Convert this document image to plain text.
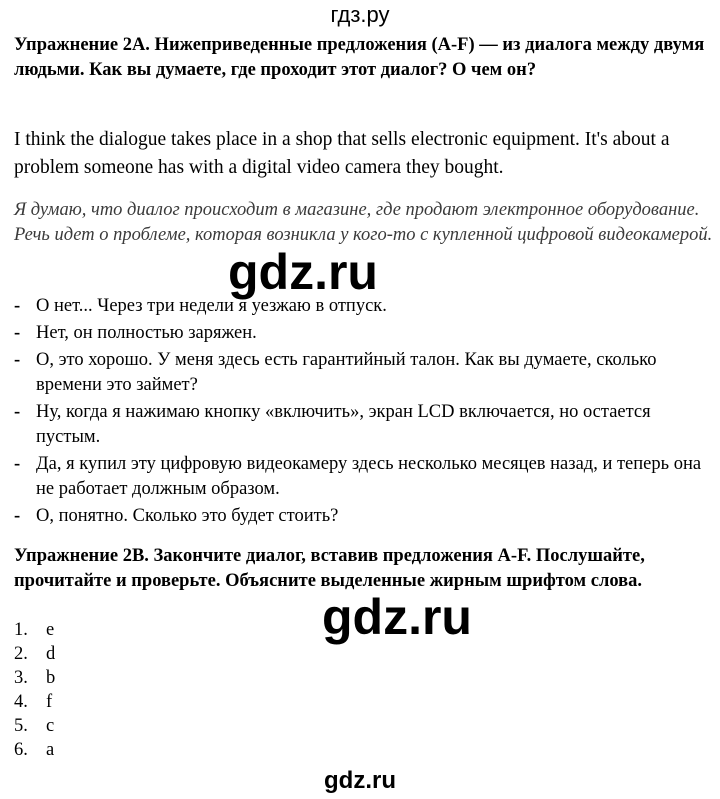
гдз.ру

Упражнение 2А. Нижеприведенные предложения (A-F) — из диалога между двумя людьми. Как вы думаете, где проходит этот диалог? О чем он?

I think the dialogue takes place in a shop that sells electronic equipment. It's about a problem someone has with a digital video camera they bought.

Я думаю, что диалог происходит в магазине, где продают электронное оборудование. Речь идет о проблеме, которая возникла у кого-то с купленной цифровой видеокамерой.

gdz.ru
- О нет... Через три недели я уезжаю в отпуск.
- Нет, он полностью заряжен.
- О, это хорошо. У меня здесь есть гарантийный талон. Как вы думаете, сколько времени это займет?
- Ну, когда я нажимаю кнопку «включить», экран LCD включается, но остается пустым.
- Да, я купил эту цифровую видеокамеру здесь несколько месяцев назад, и теперь она не работает должным образом.
- О, понятно. Сколько это будет стоить?

Упражнение 2В. Закончите диалог, вставив предложения A-F. Послушайте, прочитайте и проверьте. Объясните выделенные жирным шрифтом слова.

gdz.ru
1. e
2. d
3. b
4. f
5. c
6. a
gdz.ru
